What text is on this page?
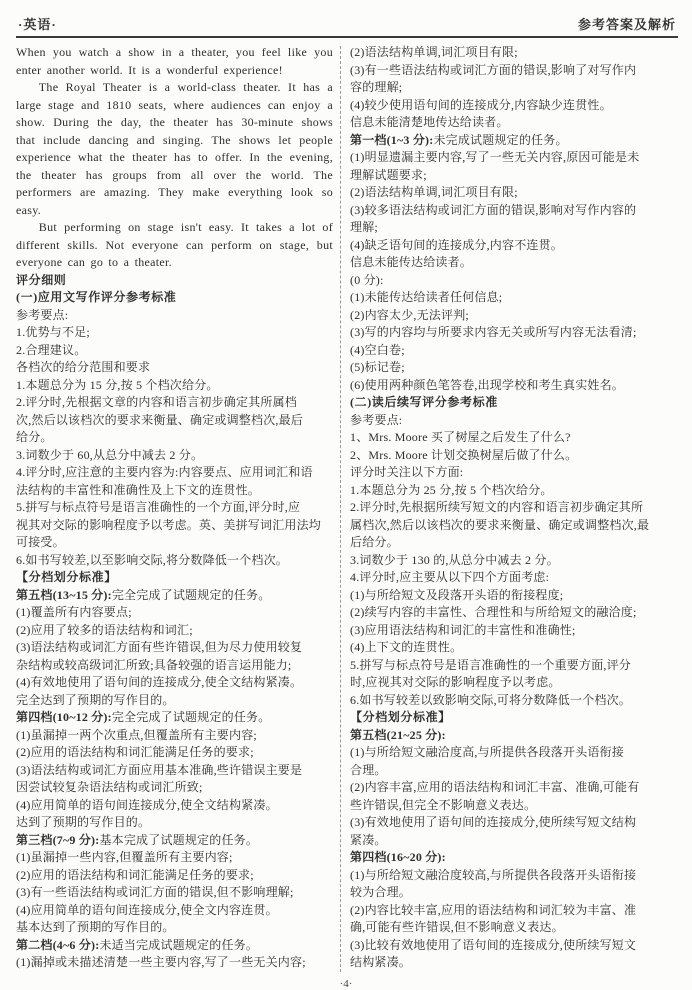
·英语·	参考答案及解析
When you watch a show in a theater, you feel like you
enter another world. It is a wonderful experience!
The Royal Theater is a world-class theater. It has a
large stage and 1810 seats, where audiences can enjoy a
show. During the day, the theater has 30-minute shows
that include dancing and singing. The shows let people
experience what the theater has to offer. In the evening,
the theater has groups from all over the world. The
performers are amazing. They make everything look so
easy.
But performing on stage isn't easy. It takes a lot of
different skills. Not everyone can perform on stage, but
everyone can go to a theater.
评分细则
(一)应用文写作评分参考标准
参考要点:
1.优势与不足;
2.合理建议。
各档次的给分范围和要求
1.本题总分为 15 分,按 5 个档次给分。
2.评分时,先根据文章的内容和语言初步确定其所属档
次,然后以该档次的要求来衡量、确定或调整档次,最后
给分。
3.词数少于 60,从总分中减去 2 分。
4.评分时,应注意的主要内容为:内容要点、应用词汇和语
法结构的丰富性和准确性及上下文的连贯性。
5.拼写与标点符号是语言准确性的一个方面,评分时,应
视其对交际的影响程度予以考虑。英、美拼写词汇用法均
可接受。
6.如书写较差,以至影响交际,将分数降低一个档次。
【分档划分标准】
第五档(13~15 分):完全完成了试题规定的任务。
(1)覆盖所有内容要点;
(2)应用了较多的语法结构和词汇;
(3)语法结构或词汇方面有些许错误,但为尽力使用较复
杂结构或较高级词汇所致;具备较强的语言运用能力;
(4)有效地使用了语句间的连接成分,使全文结构紧凑。
完全达到了预期的写作目的。
第四档(10~12 分):完全完成了试题规定的任务。
(1)虽漏掉一两个次重点,但覆盖所有主要内容;
(2)应用的语法结构和词汇能满足任务的要求;
(3)语法结构或词汇方面应用基本准确,些许错误主要是
因尝试较复杂语法结构或词汇所致;
(4)应用简单的语句间连接成分,使全文结构紧凑。
达到了预期的写作目的。
第三档(7~9 分):基本完成了试题规定的任务。
(1)虽漏掉一些内容,但覆盖所有主要内容;
(2)应用的语法结构和词汇能满足任务的要求;
(3)有一些语法结构或词汇方面的错误,但不影响理解;
(4)应用简单的语句间连接成分,使全文内容连贯。
基本达到了预期的写作目的。
第二档(4~6 分):未适当完成试题规定的任务。
(1)漏掉或未描述清楚一些主要内容,写了一些无关内容;
(2)语法结构单调,词汇项目有限;
(3)有一些语法结构或词汇方面的错误,影响了对写作内
容的理解;
(4)较少使用语句间的连接成分,内容缺少连贯性。
信息未能清楚地传达给读者。
第一档(1~3 分):未完成试题规定的任务。
(1)明显遗漏主要内容,写了一些无关内容,原因可能是未
理解试题要求;
(2)语法结构单调,词汇项目有限;
(3)较多语法结构或词汇方面的错误,影响对写作内容的
理解;
(4)缺乏语句间的连接成分,内容不连贯。
信息未能传达给读者。
(0 分):
(1)未能传达给读者任何信息;
(2)内容太少,无法评判;
(3)写的内容均与所要求内容无关或所写内容无法看清;
(4)空白卷;
(5)标记卷;
(6)使用两种颜色笔答卷,出现学校和考生真实姓名。
(二)读后续写评分参考标准
参考要点:
1、Mrs. Moore 买了树屋之后发生了什么?
2、Mrs. Moore 计划交换树屋后做了什么。
评分时关注以下方面:
1.本题总分为 25 分,按 5 个档次给分。
2.评分时,先根据所续写短文的内容和语言初步确定其所
属档次,然后以该档次的要求来衡量、确定或调整档次,最
后给分。
3.词数少于 130 的,从总分中减去 2 分。
4.评分时,应主要从以下四个方面考虑:
(1)与所给短文及段落开头语的衔接程度;
(2)续写内容的丰富性、合理性和与所给短文的融洽度;
(3)应用语法结构和词汇的丰富性和准确性;
(4)上下文的连贯性。
5.拼写与标点符号是语言准确性的一个重要方面,评分
时,应视其对交际的影响程度予以考虑。
6.如书写较差以致影响交际,可将分数降低一个档次。
【分档划分标准】
第五档(21~25 分):
(1)与所给短文融洽度高,与所提供各段落开头语衔接
合理。
(2)内容丰富,应用的语法结构和词汇丰富、准确,可能有
些许错误,但完全不影响意义表达。
(3)有效地使用了语句间的连接成分,使所续写短文结构
紧凑。
第四档(16~20 分):
(1)与所给短文融洽度较高,与所提供各段落开头语衔接
较为合理。
(2)内容比较丰富,应用的语法结构和词汇较为丰富、准
确,可能有些许错误,但不影响意义表达。
(3)比较有效地使用了语句间的连接成分,使所续写短文
结构紧凑。
·4·
